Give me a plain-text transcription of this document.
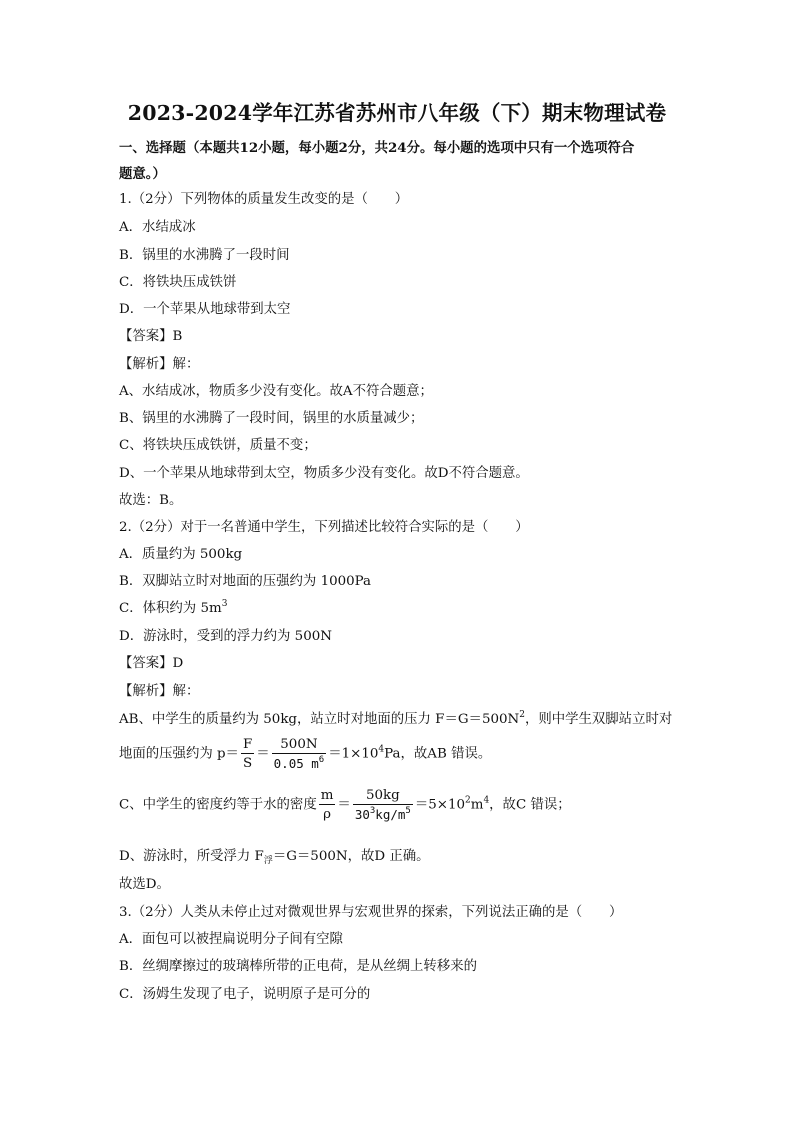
2023-2024学年江苏省苏州市八年级（下）期末物理试卷
一、选择题（本题共12小题，每小题2分，共24分。每小题的选项中只有一个选项符合
题意。）
1.（2分）下列物体的质量发生改变的是（　　）
A．水结成冰
B．锅里的水沸腾了一段时间
C．将铁块压成铁饼
D．一个苹果从地球带到太空
【答案】B
【解析】解：
A、水结成冰，物质多少没有变化。故A不符合题意；
B、锅里的水沸腾了一段时间，锅里的水质量减少；
C、将铁块压成铁饼，质量不变；
D、一个苹果从地球带到太空，物质多少没有变化。故D不符合题意。
故选：B。
2.（2分）对于一名普通中学生，下列描述比较符合实际的是（　　）
A．质量约为 500kg
B．双脚站立时对地面的压强约为 1000Pa
C．体积约为 $5m^3$
D．游泳时，受到的浮力约为 500N
【答案】D
【解析】解：
AB、中学生的质量约为 50kg，站立时对地面的压力 $F=G=500N^2$，则中学生双脚站立时对
地面的压强约为 $p= \frac{F}{S} = \frac{500N}{0.05 m^6} =1\times 10^4Pa$，故AB 错误。
C、中学生的密度约等于水的密度 $\frac{m}{\rho} = \frac{50kg}{30^3kg/m^5} =5\times 10^2m^4$，故C 错误；
D、游泳时，所受浮力 $F_浮=G=500N$，故D 正确。
故选D。
3.（2分）人类从未停止过对微观世界与宏观世界的探索，下列说法正确的是（　　）
A．面包可以被捏扁说明分子间有空隙
B．丝绸摩擦过的玻璃棒所带的正电荷，是从丝绸上转移来的
C．汤姆生发现了电子，说明原子是可分的
